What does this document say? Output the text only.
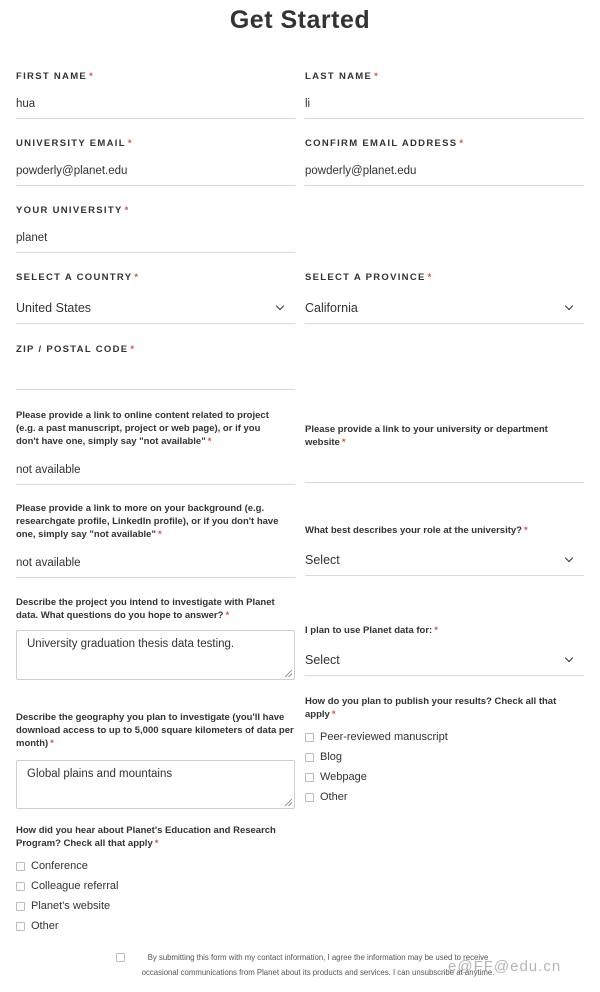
Get Started
FIRST NAME *
hua
LAST NAME *
li
UNIVERSITY EMAIL *
powderly@planet.edu
CONFIRM EMAIL ADDRESS *
powderly@planet.edu
YOUR UNIVERSITY *
planet
SELECT A COUNTRY *
United States
SELECT A PROVINCE *
California
ZIP / POSTAL CODE *
Please provide a link to online content related to project (e.g. a past manuscript, project or web page), or if you don't have one, simply say "not available" *
not available
Please provide a link to your university or department website *
Please provide a link to more on your background (e.g. researchgate profile, LinkedIn profile), or if you don't have one, simply say "not available" *
not available
What best describes your role at the university? *
Select
Describe the project you intend to investigate with Planet data. What questions do you hope to answer? *
University graduation thesis data testing.
I plan to use Planet data for: *
Select
How do you plan to publish your results? Check all that apply *
Peer-reviewed manuscript
Blog
Webpage
Other
Describe the geography you plan to investigate (you'll have download access to up to 5,000 square kilometers of data per month) *
Global plains and mountains
How did you hear about Planet's Education and Research Program? Check all that apply *
Conference
Colleague referral
Planet's website
Other
By submitting this form with my contact information, I agree the information may be used to receive occasional communications from Planet about its products and services. I can unsubscribe at anytime.
e@FF@edu.cn
